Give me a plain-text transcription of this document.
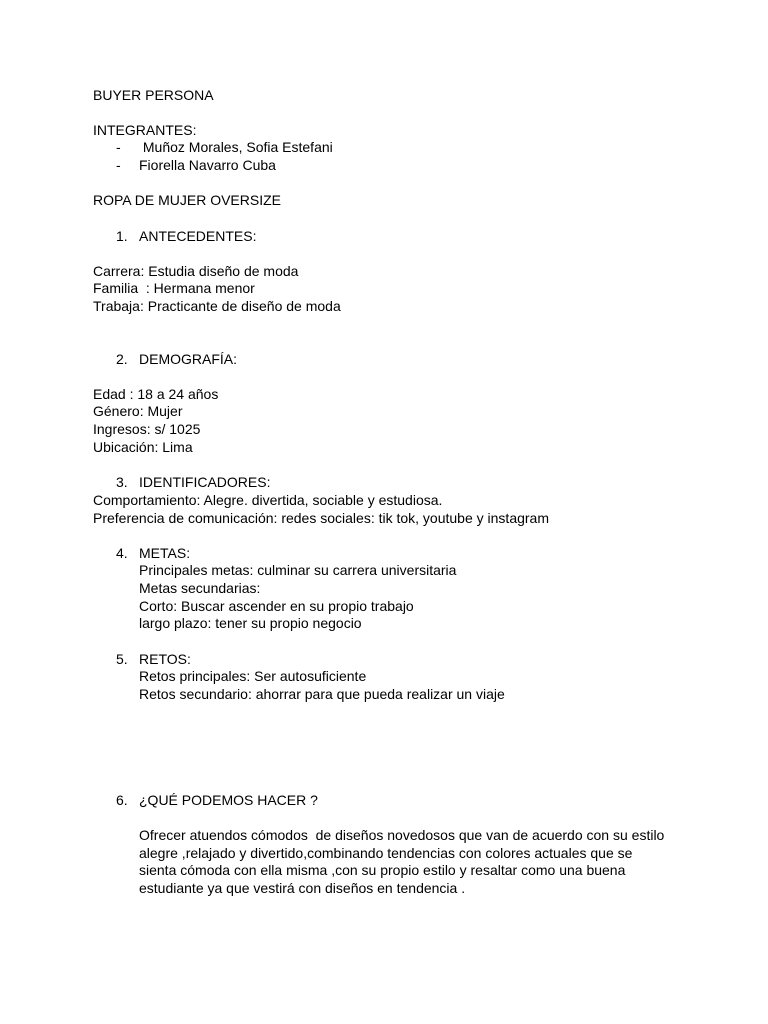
BUYER PERSONA
INTEGRANTES:
- Muñoz Morales, Sofia Estefani
- Fiorella Navarro Cuba
ROPA DE MUJER OVERSIZE
1. ANTECEDENTES:
Carrera: Estudia diseño de moda
Familia  : Hermana menor
Trabaja: Practicante de diseño de moda
2. DEMOGRAFÍA:
Edad : 18 a 24 años
Género: Mujer
Ingresos: s/ 1025
Ubicación: Lima
3. IDENTIFICADORES:
Comportamiento: Alegre. divertida, sociable y estudiosa.
Preferencia de comunicación: redes sociales: tik tok, youtube y instagram
4. METAS:
Principales metas: culminar su carrera universitaria
Metas secundarias:
Corto: Buscar ascender en su propio trabajo
largo plazo: tener su propio negocio
5. RETOS:
Retos principales: Ser autosuficiente
Retos secundario: ahorrar para que pueda realizar un viaje
6. ¿QUÉ PODEMOS HACER ?
Ofrecer atuendos cómodos  de diseños novedosos que van de acuerdo con su estilo
alegre ,relajado y divertido,combinando tendencias con colores actuales que se
sienta cómoda con ella misma ,con su propio estilo y resaltar como una buena
estudiante ya que vestirá con diseños en tendencia .
